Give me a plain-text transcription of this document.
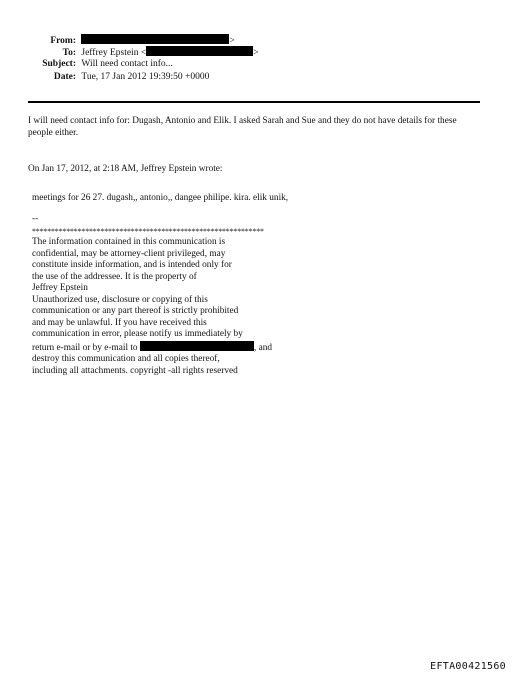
From:	>
To: Jeffrey Epstein <	>
Subject: Will need contact info...
Date: Tue, 17 Jan 2012 19:39:50 +0000
I will need contact info for: Dugash, Antonio and Elik. I asked Sarah and Sue and they do not have details for these people either.
On Jan 17, 2012, at 2:18 AM, Jeffrey Epstein wrote:
meetings for 26 27. dugash,, antonio,, dangee philipe. kira. elik unik,
--
*************************************************************
The information contained in this communication is
confidential, may be attorney-client privileged, may
constitute inside information, and is intended only for
the use of the addressee. It is the property of
Jeffrey Epstein
Unauthorized use, disclosure or copying of this
communication or any part thereof is strictly prohibited
and may be unlawful. If you have received this
communication in error, please notify us immediately by
return e-mail or by e-mail to	, and
destroy this communication and all copies thereof,
including all attachments. copyright -all rights reserved
EFTA00421560
